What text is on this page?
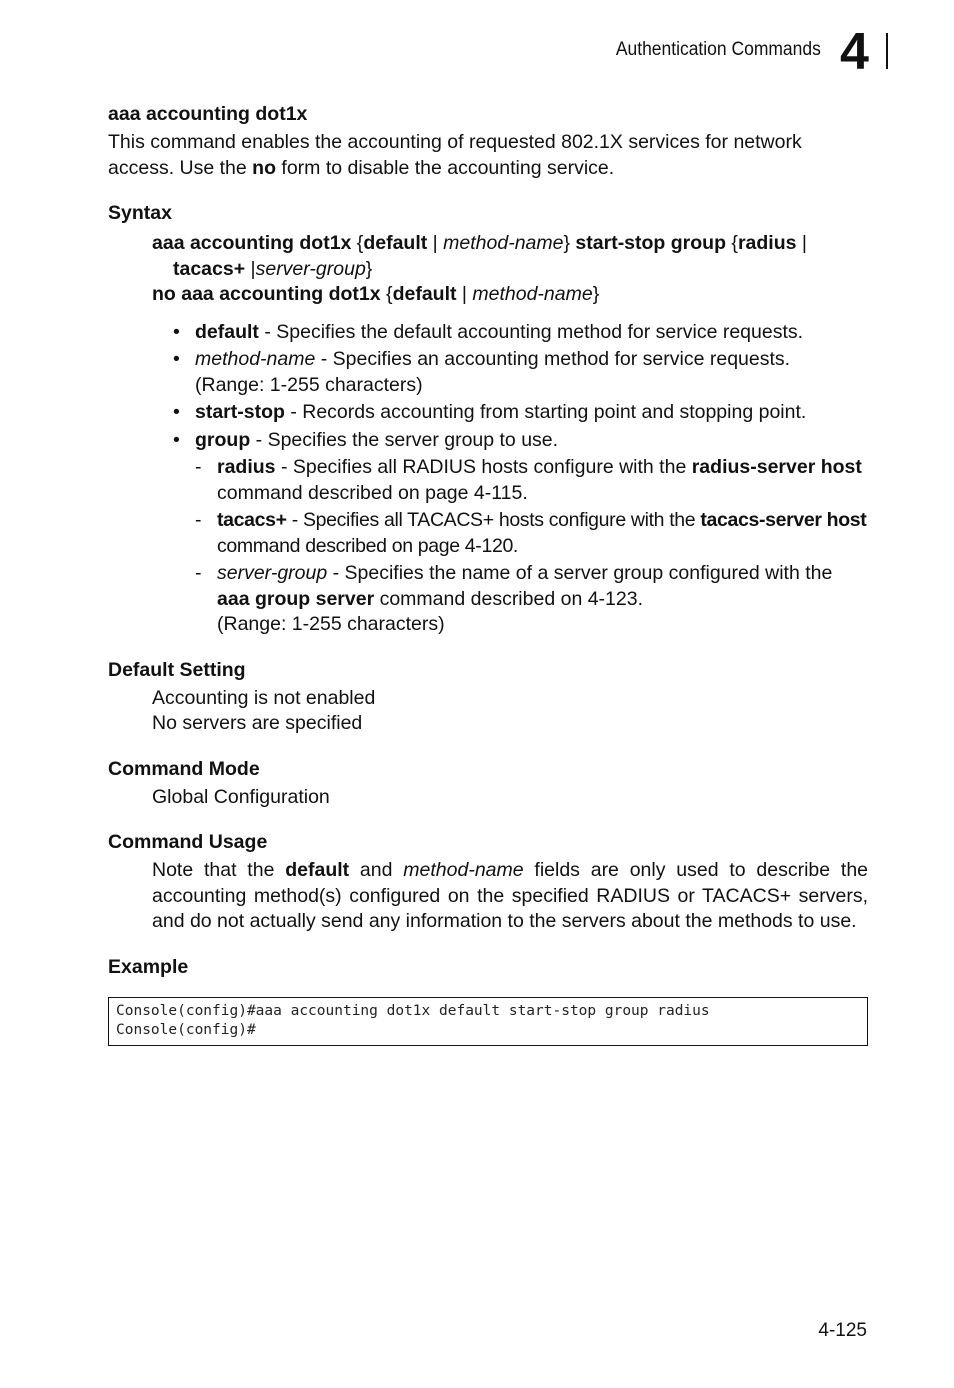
Authentication Commands 4
aaa accounting dot1x

This command enables the accounting of requested 802.1X services for network access. Use the no form to disable the accounting service.

Syntax
aaa accounting dot1x {default | method-name} start-stop group {radius |
tacacs+ |server-group}
no aaa accounting dot1x {default | method-name}
• default - Specifies the default accounting method for service requests.
• method-name - Specifies an accounting method for service requests.
(Range: 1-255 characters)
• start-stop - Records accounting from starting point and stopping point.
• group - Specifies the server group to use.
- radius - Specifies all RADIUS hosts configure with the radius-server host command described on page 4-115.
- tacacs+ - Specifies all TACACS+ hosts configure with the tacacs-server host command described on page 4-120.
- server-group - Specifies the name of a server group configured with the aaa group server command described on 4-123.
(Range: 1-255 characters)
Default Setting

Accounting is not enabled

No servers are specified

Command Mode

Global Configuration

Command Usage

Note that the default and method-name fields are only used to describe the accounting method(s) configured on the specified RADIUS or TACACS+ servers, and do not actually send any information to the servers about the methods to use.

Example
Console(config)#aaa accounting dot1x default start-stop group radius
Console(config)#
4-125
